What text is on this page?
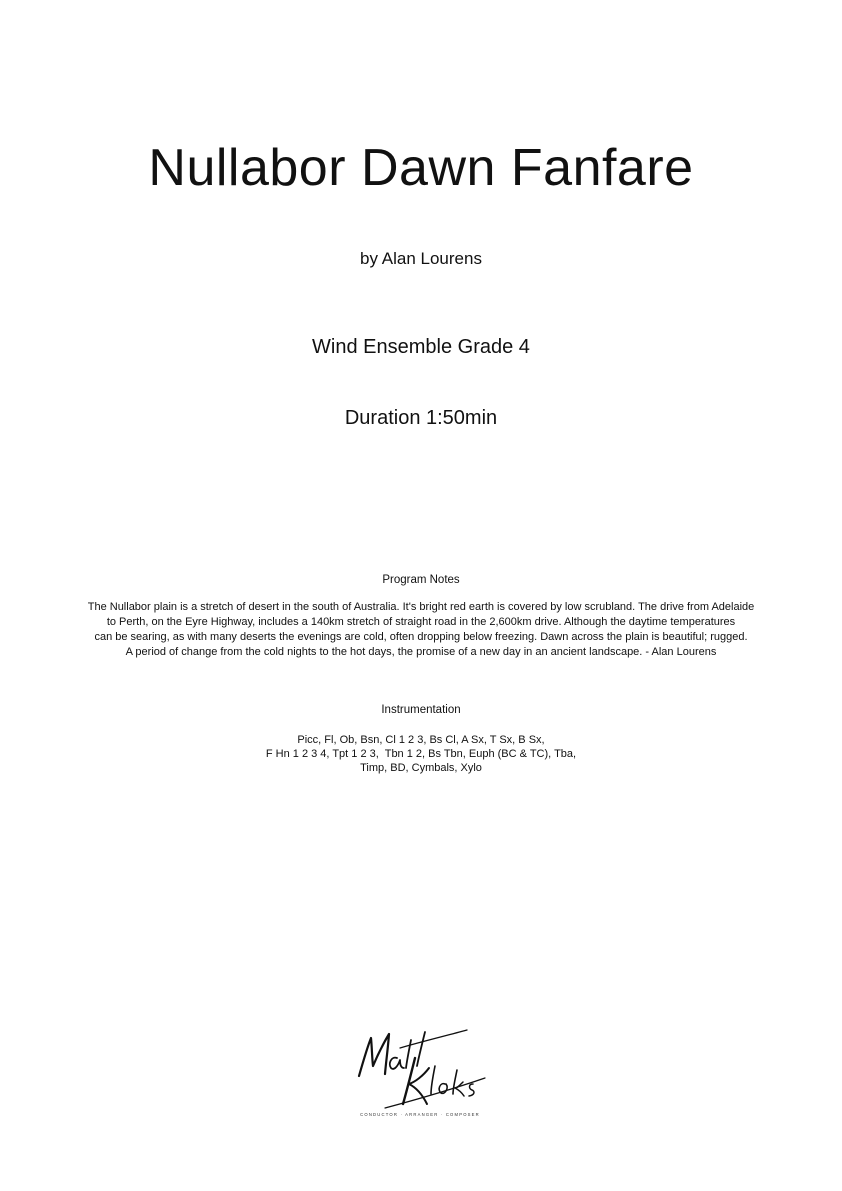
Nullabor Dawn Fanfare

by Alan Lourens

Wind Ensemble Grade 4

Duration 1:50min

Program Notes

The Nullabor plain is a stretch of desert in the south of Australia. It's bright red earth is covered by low scrubland. The drive from Adelaide
to Perth, on the Eyre Highway, includes a 140km stretch of straight road in the 2,600km drive. Although the daytime temperatures
can be searing, as with many deserts the evenings are cold, often dropping below freezing. Dawn across the plain is beautiful; rugged.
A period of change from the cold nights to the hot days, the promise of a new day in an ancient landscape. - Alan Lourens

Instrumentation

Picc, Fl, Ob, Bsn, Cl 1 2 3, Bs Cl, A Sx, T Sx, B Sx,
F Hn 1 2 3 4, Tpt 1 2 3,  Tbn 1 2, Bs Tbn, Euph (BC & TC), Tba,
Timp, BD, Cymbals, Xylo
CONDUCTOR · ARRANGER · COMPOSER
